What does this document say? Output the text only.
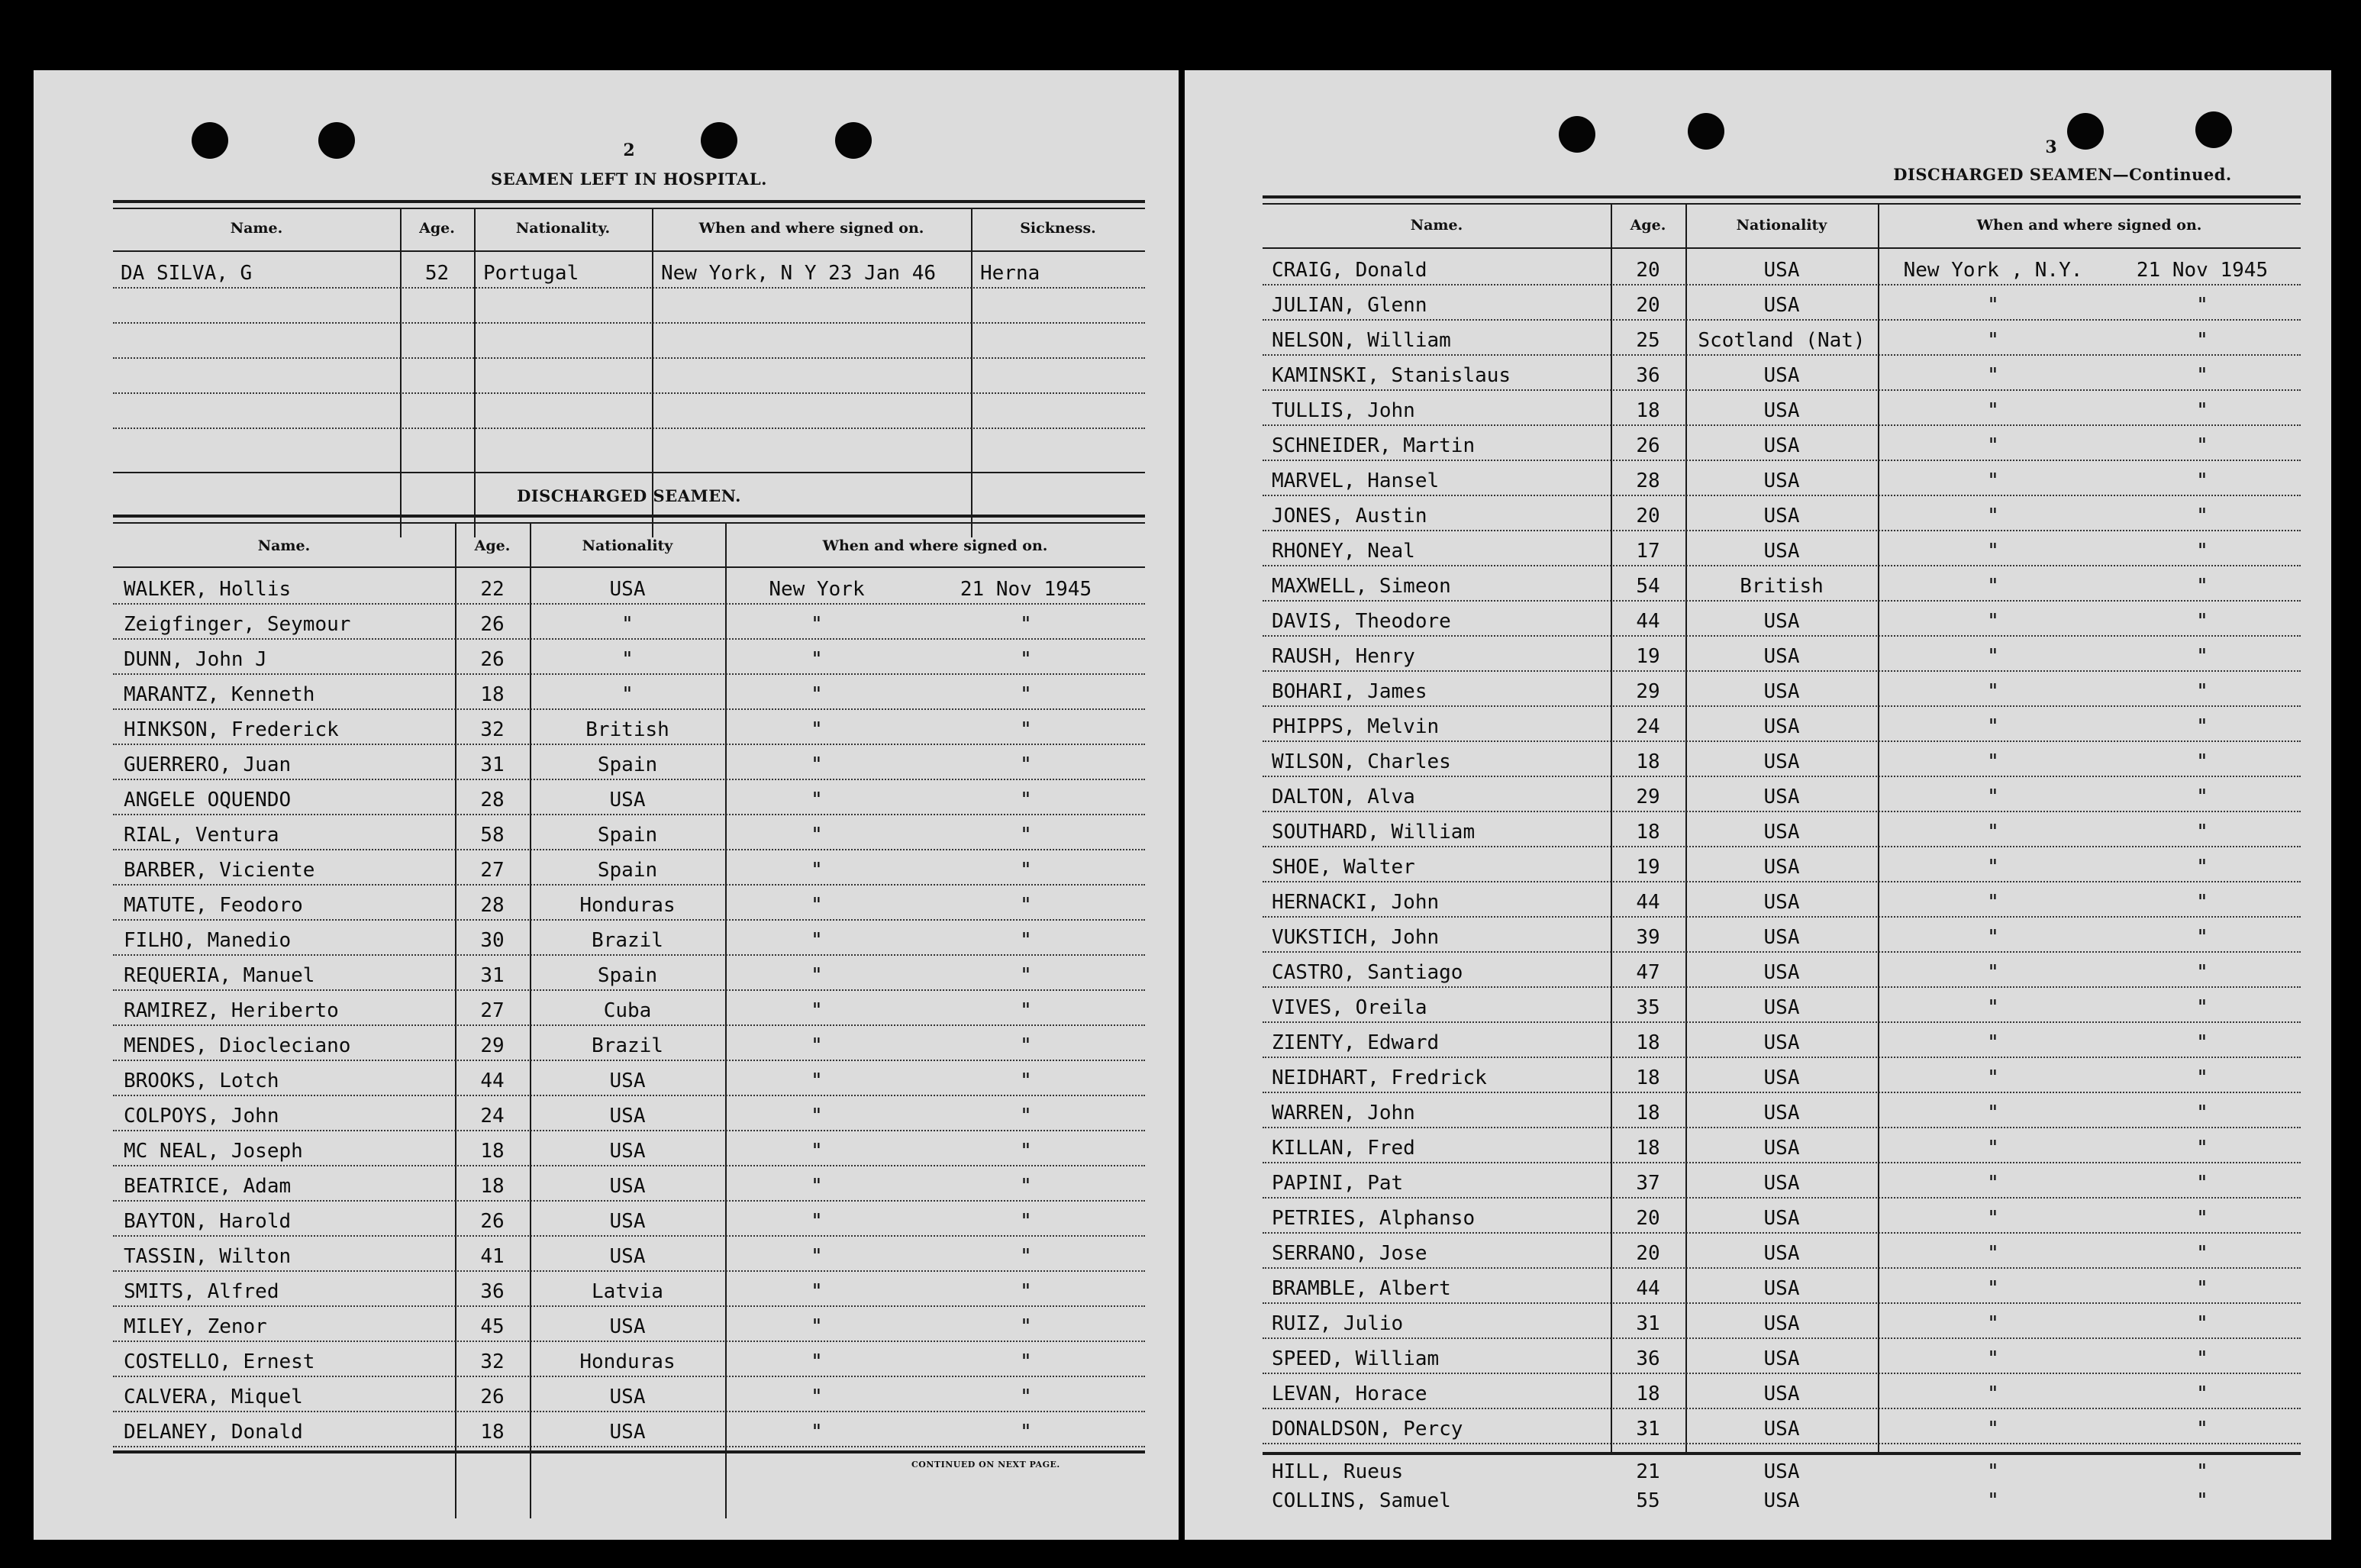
2
SEAMEN LEFT IN HOSPITAL.
Name.	Age.	Nationality.	When and where signed on.	Sickness.
DA SILVA, G	52	Portugal	New York, N Y 23 Jan 46	Herna
DISCHARGED SEAMEN.
Name.	Age.	Nationality	When and where signed on.
WALKER, Hollis	22	USA	New York	21 Nov 1945
Zeigfinger, Seymour	26	"	"	"
DUNN, John J	26	"	"	"
MARANTZ, Kenneth	18	"	"	"
HINKSON, Frederick	32	British	"	"
GUERRERO, Juan	31	Spain	"	"
ANGELE OQUENDO	28	USA	"	"
RIAL, Ventura	58	Spain	"	"
BARBER, Viciente	27	Spain	"	"
MATUTE, Feodoro	28	Honduras	"	"
FILHO, Manedio	30	Brazil	"	"
REQUERIA, Manuel	31	Spain	"	"
RAMIREZ, Heriberto	27	Cuba	"	"
MENDES, Diocleciano	29	Brazil	"	"
BROOKS, Lotch	44	USA	"	"
COLPOYS, John	24	USA	"	"
MC NEAL, Joseph	18	USA	"	"
BEATRICE, Adam	18	USA	"	"
BAYTON, Harold	26	USA	"	"
TASSIN, Wilton	41	USA	"	"
SMITS, Alfred	36	Latvia	"	"
MILEY, Zenor	45	USA	"	"
COSTELLO, Ernest	32	Honduras	"	"
CALVERA, Miquel	26	USA	"	"
DELANEY, Donald	18	USA	"	"
CONTINUED ON NEXT PAGE.
3
DISCHARGED SEAMEN—Continued.
Name.	Age.	Nationality	When and where signed on.
CRAIG, Donald	20	USA	New York , N.Y.	21 Nov 1945
JULIAN, Glenn	20	USA	"	"
NELSON, William	25	Scotland (Nat)	"	"
KAMINSKI, Stanislaus	36	USA	"	"
TULLIS, John	18	USA	"	"
SCHNEIDER, Martin	26	USA	"	"
MARVEL, Hansel	28	USA	"	"
JONES, Austin	20	USA	"	"
RHONEY, Neal	17	USA	"	"
MAXWELL, Simeon	54	British	"	"
DAVIS, Theodore	44	USA	"	"
RAUSH, Henry	19	USA	"	"
BOHARI, James	29	USA	"	"
PHIPPS, Melvin	24	USA	"	"
WILSON, Charles	18	USA	"	"
DALTON, Alva	29	USA	"	"
SOUTHARD, William	18	USA	"	"
SHOE, Walter	19	USA	"	"
HERNACKI, John	44	USA	"	"
VUKSTICH, John	39	USA	"	"
CASTRO, Santiago	47	USA	"	"
VIVES, Oreila	35	USA	"	"
ZIENTY, Edward	18	USA	"	"
NEIDHART, Fredrick	18	USA	"	"
WARREN, John	18	USA	"	"
KILLAN, Fred	18	USA	"	"
PAPINI, Pat	37	USA	"	"
PETRIES, Alphanso	20	USA	"	"
SERRANO, Jose	20	USA	"	"
BRAMBLE, Albert	44	USA	"	"
RUIZ, Julio	31	USA	"	"
SPEED, William	36	USA	"	"
LEVAN, Horace	18	USA	"	"
DONALDSON, Percy	31	USA	"	"
HILL, Rueus	21	USA	"	"
COLLINS, Samuel	55	USA	"	"
